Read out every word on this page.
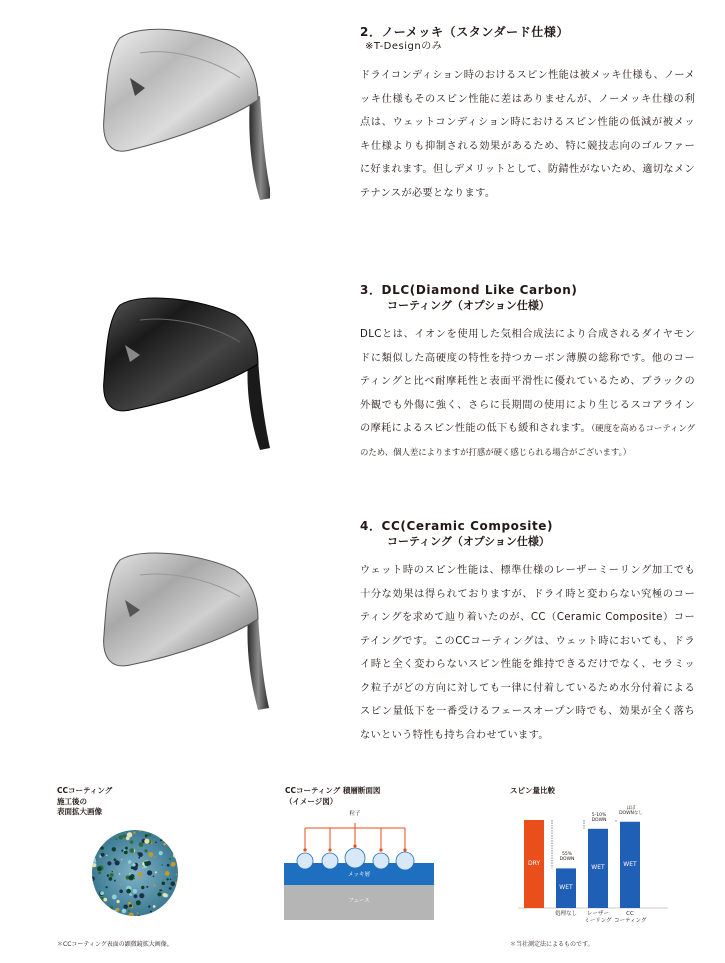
2．ノーメッキ（スタンダード仕様）
※T-Designのみ
ドライコンディション時のおけるスピン性能は被メッキ仕様も、ノーメッキ仕様もそのスピン性能に差はありませんが、ノーメッキ仕様の利点は、ウェットコンディション時におけるスピン性能の低減が被メッキ仕様よりも抑制される効果があるため、特に競技志向のゴルファーに好まれます。但しデメリットとして、防錆性がないため、適切なメンテナンスが必要となります。
3．DLC(Diamond Like Carbon)
コーティング（オプション仕様）
DLCとは、イオンを使用した気相合成法により合成されるダイヤモンドに類似した高硬度の特性を持つカーボン薄膜の総称です。他のコーティングと比べ耐摩耗性と表面平滑性に優れているため、ブラックの外観でも外傷に強く、さらに長期間の使用により生じるスコアラインの摩耗によるスピン性能の低下も緩和されます。（硬度を高めるコーティングのため、個人差によりますが打感が硬く感じられる場合がございます。）
4．CC(Ceramic Composite)
コーティング（オプション仕様）
ウェット時のスピン性能は、標準仕様のレーザーミーリング加工でも十分な効果は得られておりますが、ドライ時と変わらない究極のコーティングを求めて辿り着いたのが、CC（Ceramic Composite）コーテイングです。このCCコーティングは、ウェット時においても、ドライ時と全く変わらないスピン性能を維持できるだけでなく、セラミック粒子がどの方向に対しても一律に付着しているため水分付着によるスピン量低下を一番受けるフェースオープン時でも、効果が全く落ちないという特性も持ち合わせています。
CCコーティング
施工後の
表面拡大画像
＊CCコーティング表面の顕微鏡拡大画像。
CCコーティング 積層断面図
（イメージ図）
粒子
メッキ層
フェース
スピン量比較
DRY
WET
55%
DOWN
処理なし
WET
5-10%
DOWN
レーザー
ミーリング
WET
ほぼ
DOWNなし
CC
コーティング
＊当社測定法によるものです。
